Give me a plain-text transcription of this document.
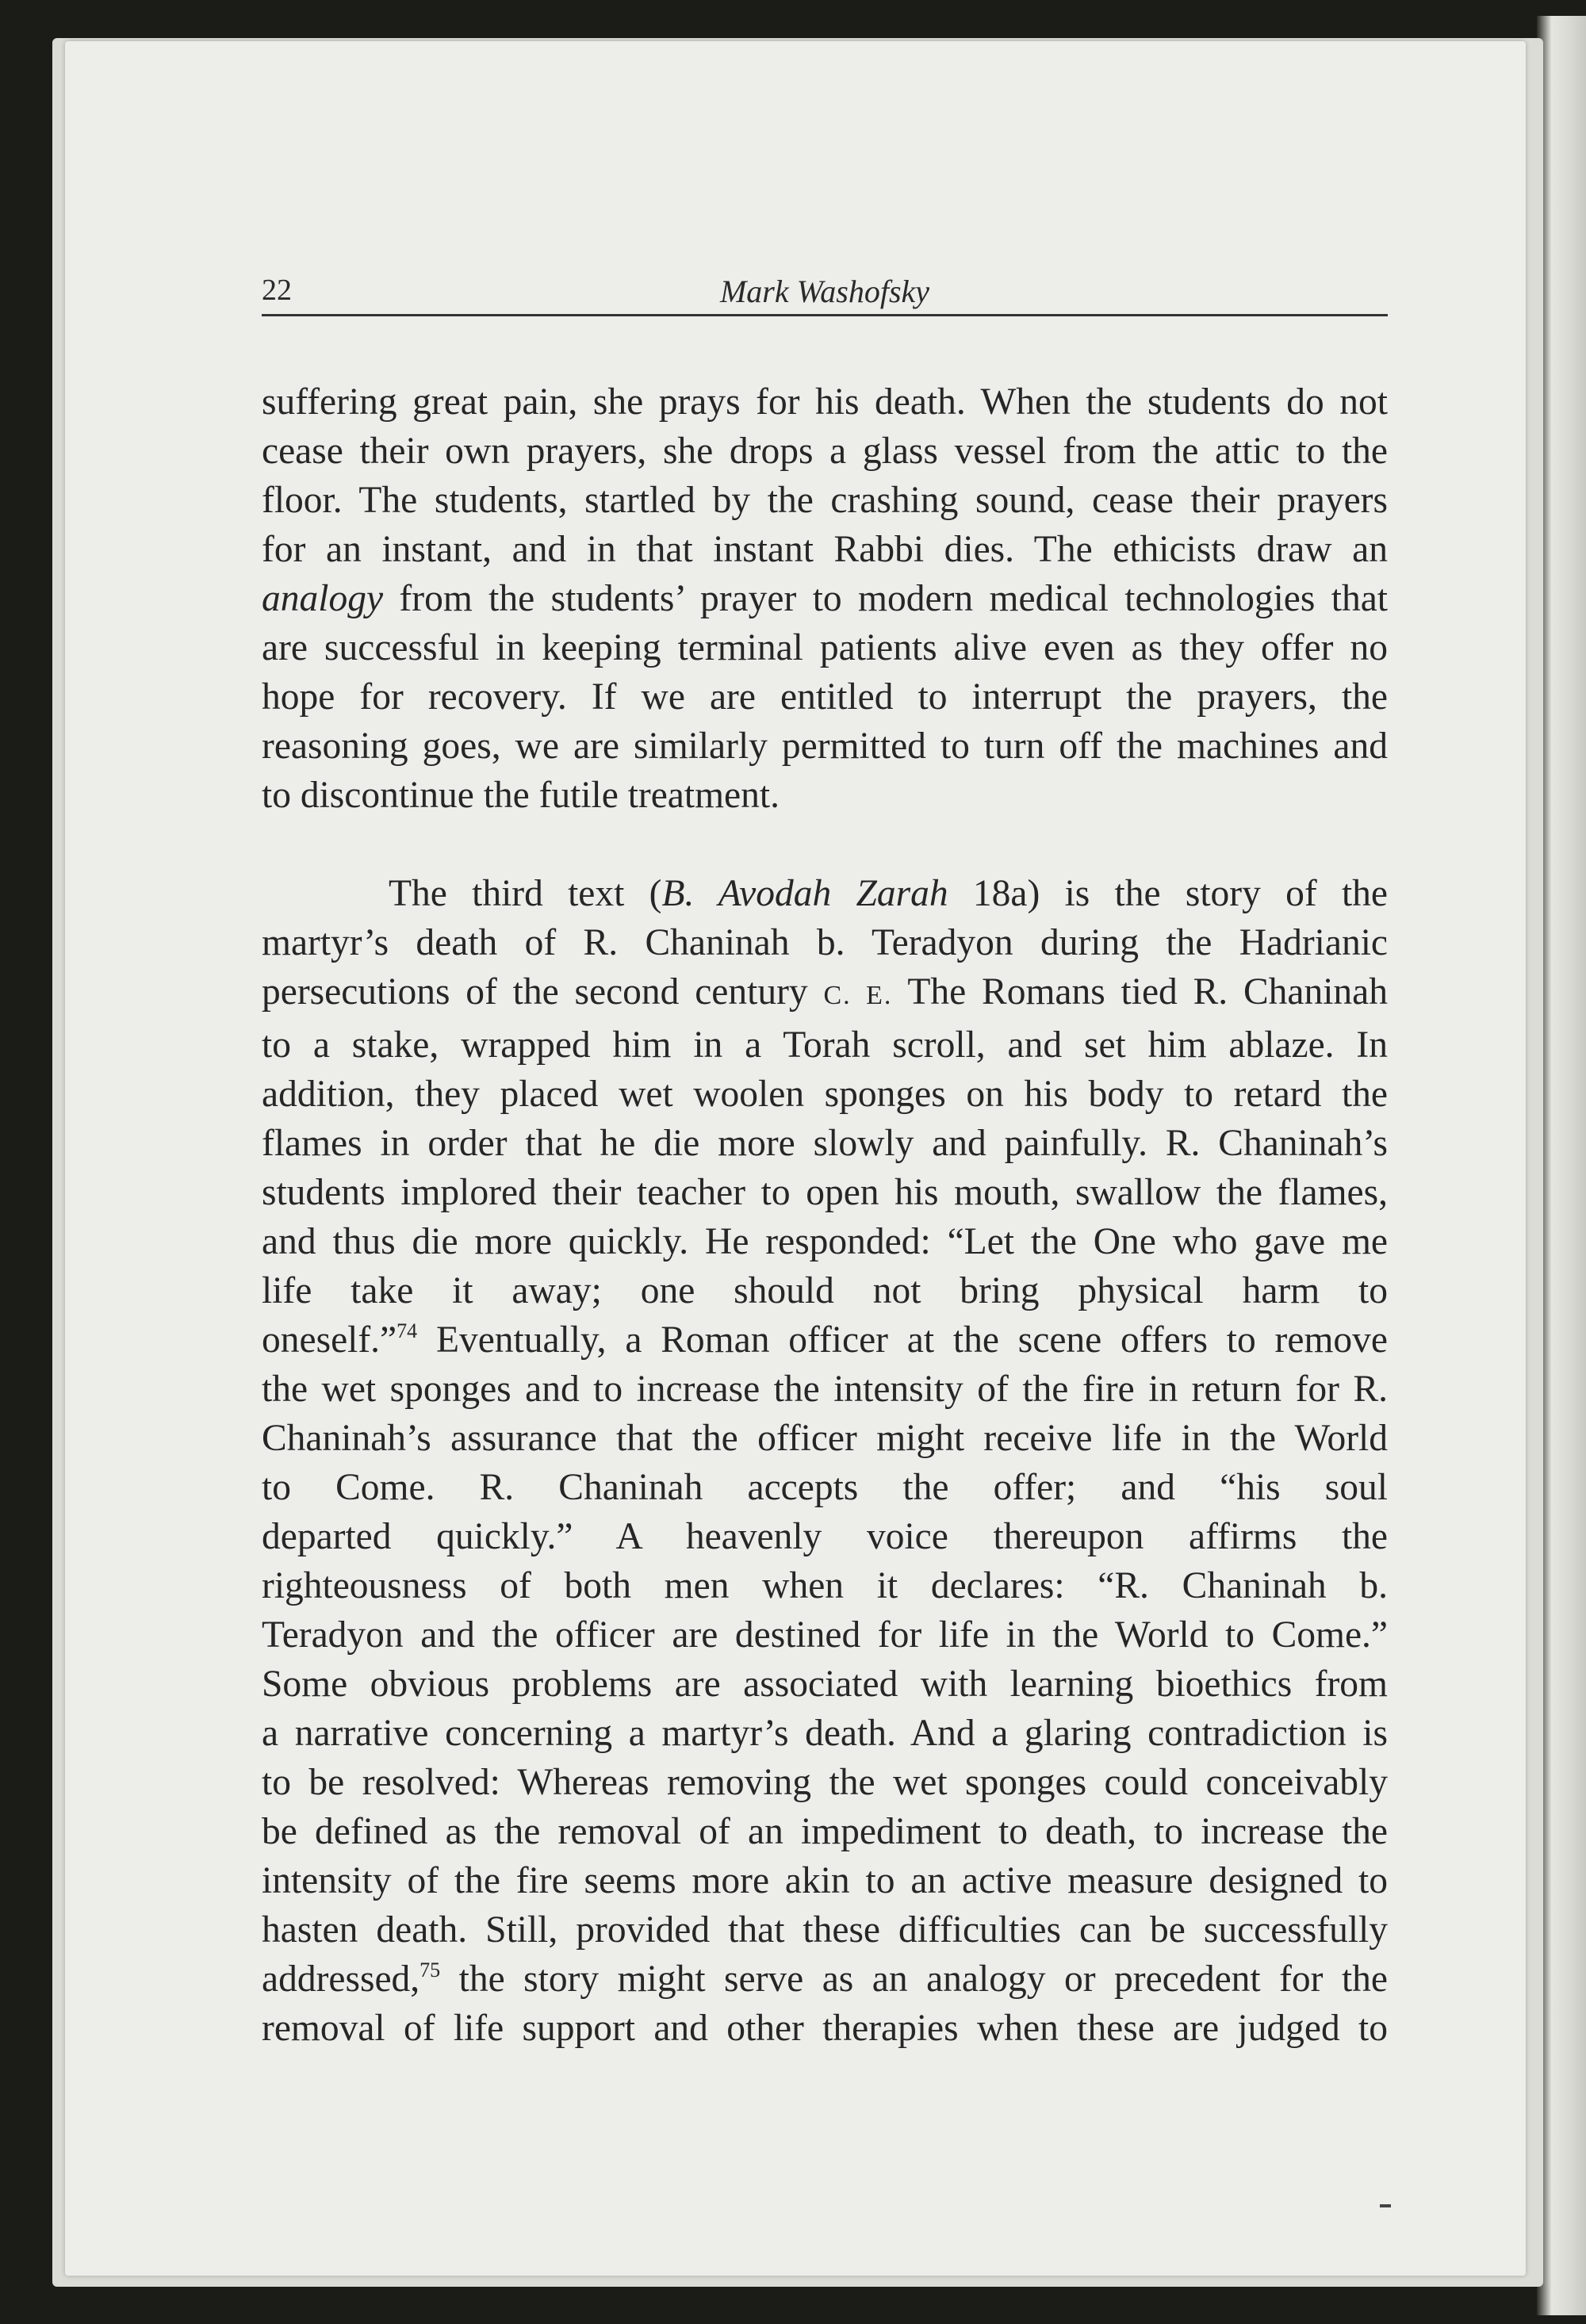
22	Mark Washofsky
suffering great pain, she prays for his death. When the students do not
cease their own prayers, she drops a glass vessel from the attic to the
floor. The students, startled by the crashing sound, cease their prayers
for an instant, and in that instant Rabbi dies. The ethicists draw an
analogy from the students’ prayer to modern medical technologies that
are successful in keeping terminal patients alive even as they offer no
hope for recovery. If we are entitled to interrupt the prayers, the
reasoning goes, we are similarly permitted to turn off the machines and
to discontinue the futile treatment.
The third text (B. Avodah Zarah 18a) is the story of the
martyr’s death of R. Chaninah b. Teradyon during the Hadrianic
persecutions of the second century C. E. The Romans tied R. Chaninah
to a stake, wrapped him in a Torah scroll, and set him ablaze. In
addition, they placed wet woolen sponges on his body to retard the
flames in order that he die more slowly and painfully. R. Chaninah’s
students implored their teacher to open his mouth, swallow the flames,
and thus die more quickly. He responded: “Let the One who gave me
life take it away; one should not bring physical harm to
oneself.”$^{74}$ Eventually, a Roman officer at the scene offers to remove
the wet sponges and to increase the intensity of the fire in return for R.
Chaninah’s assurance that the officer might receive life in the World
to Come. R. Chaninah accepts the offer; and “his soul
departed quickly.” A heavenly voice thereupon affirms the
righteousness of both men when it declares: “R. Chaninah b.
Teradyon and the officer are destined for life in the World to Come.”
Some obvious problems are associated with learning bioethics from
a narrative concerning a martyr’s death. And a glaring contradiction is
to be resolved: Whereas removing the wet sponges could conceivably
be defined as the removal of an impediment to death, to increase the
intensity of the fire seems more akin to an active measure designed to
hasten death. Still, provided that these difficulties can be successfully
addressed,$^{75}$ the story might serve as an analogy or precedent for the
removal of life support and other therapies when these are judged to
